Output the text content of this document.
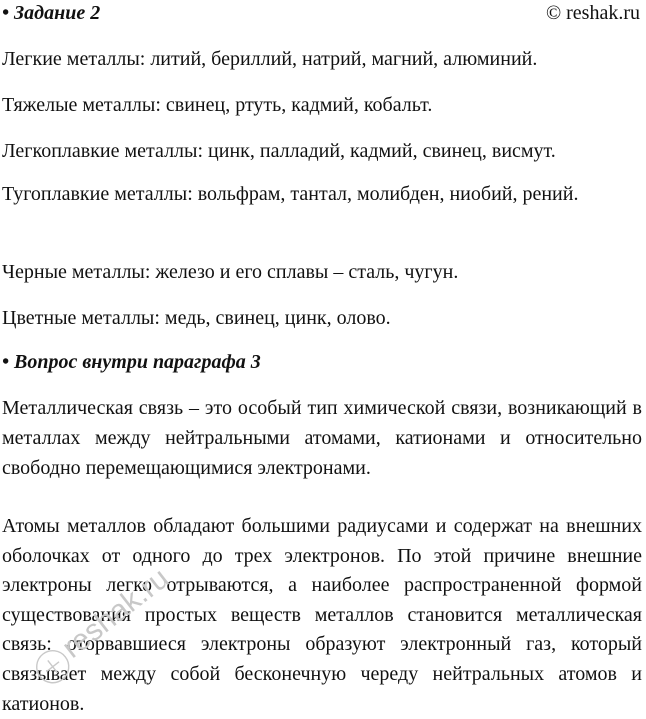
• Задание 2	© reshak.ru
Легкие металлы: литий, бериллий, натрий, магний, алюминий.
Тяжелые металлы: свинец, ртуть, кадмий, кобальт.
Легкоплавкие металлы: цинк, палладий, кадмий, свинец, висмут.
Тугоплавкие металлы: вольфрам, тантал, молибден, ниобий, рений.
Черные металлы: железо и его сплавы – сталь, чугун.
Цветные металлы: медь, свинец, цинк, олово.
• Вопрос внутри параграфа 3
Металлическая связь – это особый тип химической связи, возникающий в металлах между нейтральными атомами, катионами и относительно свободно перемещающимися электронами.
Атомы металлов обладают большими радиусами и содержат на внешних оболочках от одного до трех электронов. По этой причине внешние электроны легко отрываются, а наиболее распространенной формой существования простых веществ металлов становится металлическая связь: оторвавшиеся электроны образуют электронный газ, который связывает между собой бесконечную череду нейтральных атомов и катионов.
reshak.ru
